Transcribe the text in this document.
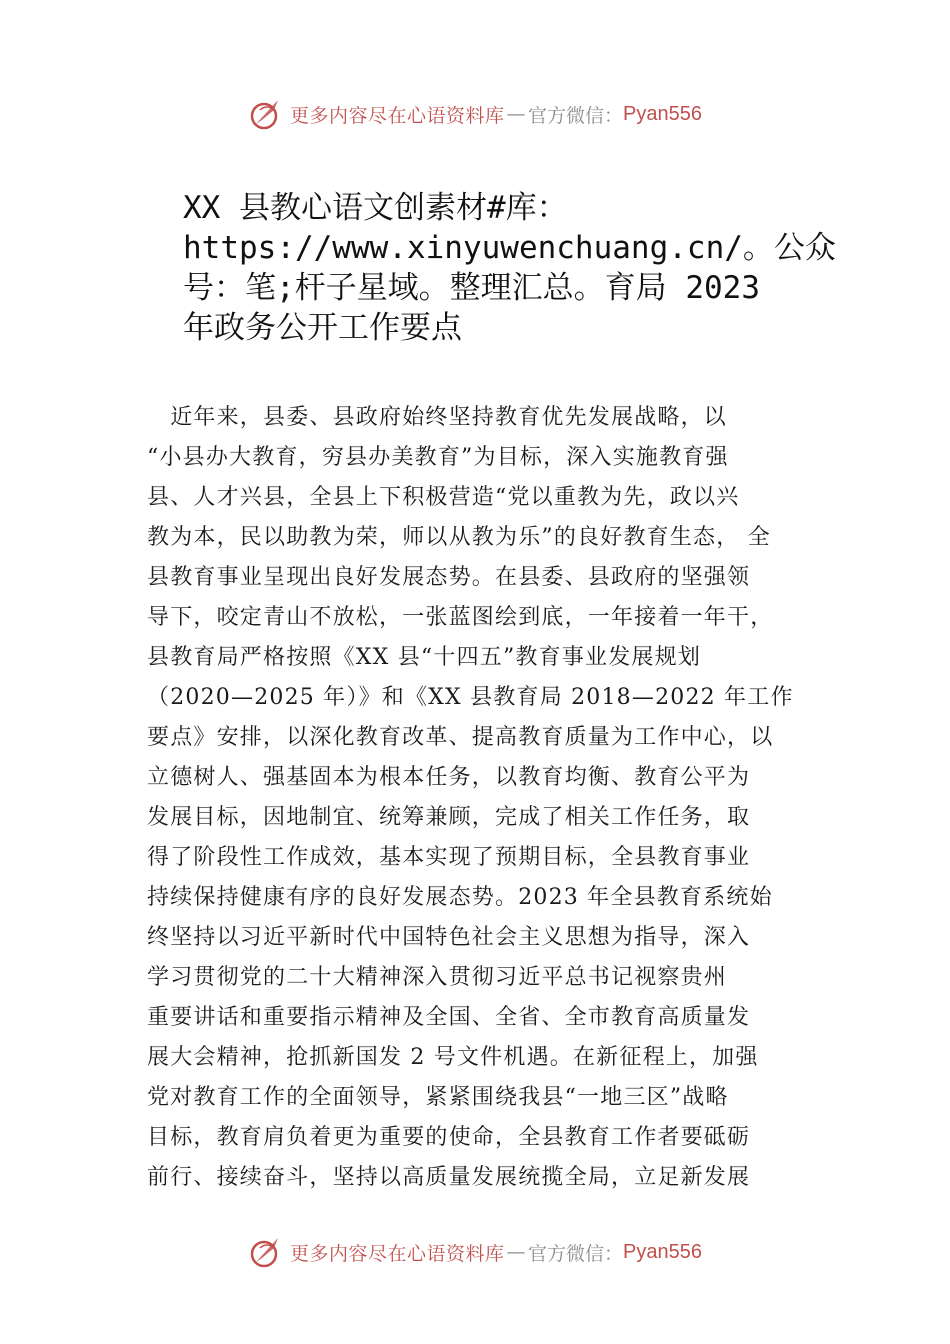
更多内容尽在心语资料库 — 官方微信： Pyan556
XX 县教心语文创素材#库：
https://www.xinyuwenchuang.cn/。公众
号：笔;杆子星域。整理汇总。育局 2023
年政务公开工作要点
　近年来，县委、县政府始终坚持教育优先发展战略，以
“小县办大教育，穷县办美教育”为目标，深入实施教育强
县、人才兴县，全县上下积极营造“党以重教为先，政以兴
教为本，民以助教为荣，师以从教为乐”的良好教育生态， 全
县教育事业呈现出良好发展态势。在县委、县政府的坚强领
导下，咬定青山不放松，一张蓝图绘到底，一年接着一年干，
县教育局严格按照《XX 县“十四五”教育事业发展规划
（2020—2025 年）》和《XX 县教育局 2018—2022 年工作
要点》安排，以深化教育改革、提高教育质量为工作中心，以
立德树人、强基固本为根本任务，以教育均衡、教育公平为
发展目标，因地制宜、统筹兼顾，完成了相关工作任务，取
得了阶段性工作成效，基本实现了预期目标，全县教育事业
持续保持健康有序的良好发展态势。2023 年全县教育系统始
终坚持以习近平新时代中国特色社会主义思想为指导，深入
学习贯彻党的二十大精神深入贯彻习近平总书记视察贵州
重要讲话和重要指示精神及全国、全省、全市教育高质量发
展大会精神，抢抓新国发 2 号文件机遇。在新征程上，加强
党对教育工作的全面领导，紧紧围绕我县“一地三区”战略
目标，教育肩负着更为重要的使命，全县教育工作者要砥砺
前行、接续奋斗，坚持以高质量发展统揽全局，立足新发展
更多内容尽在心语资料库 — 官方微信： Pyan556
